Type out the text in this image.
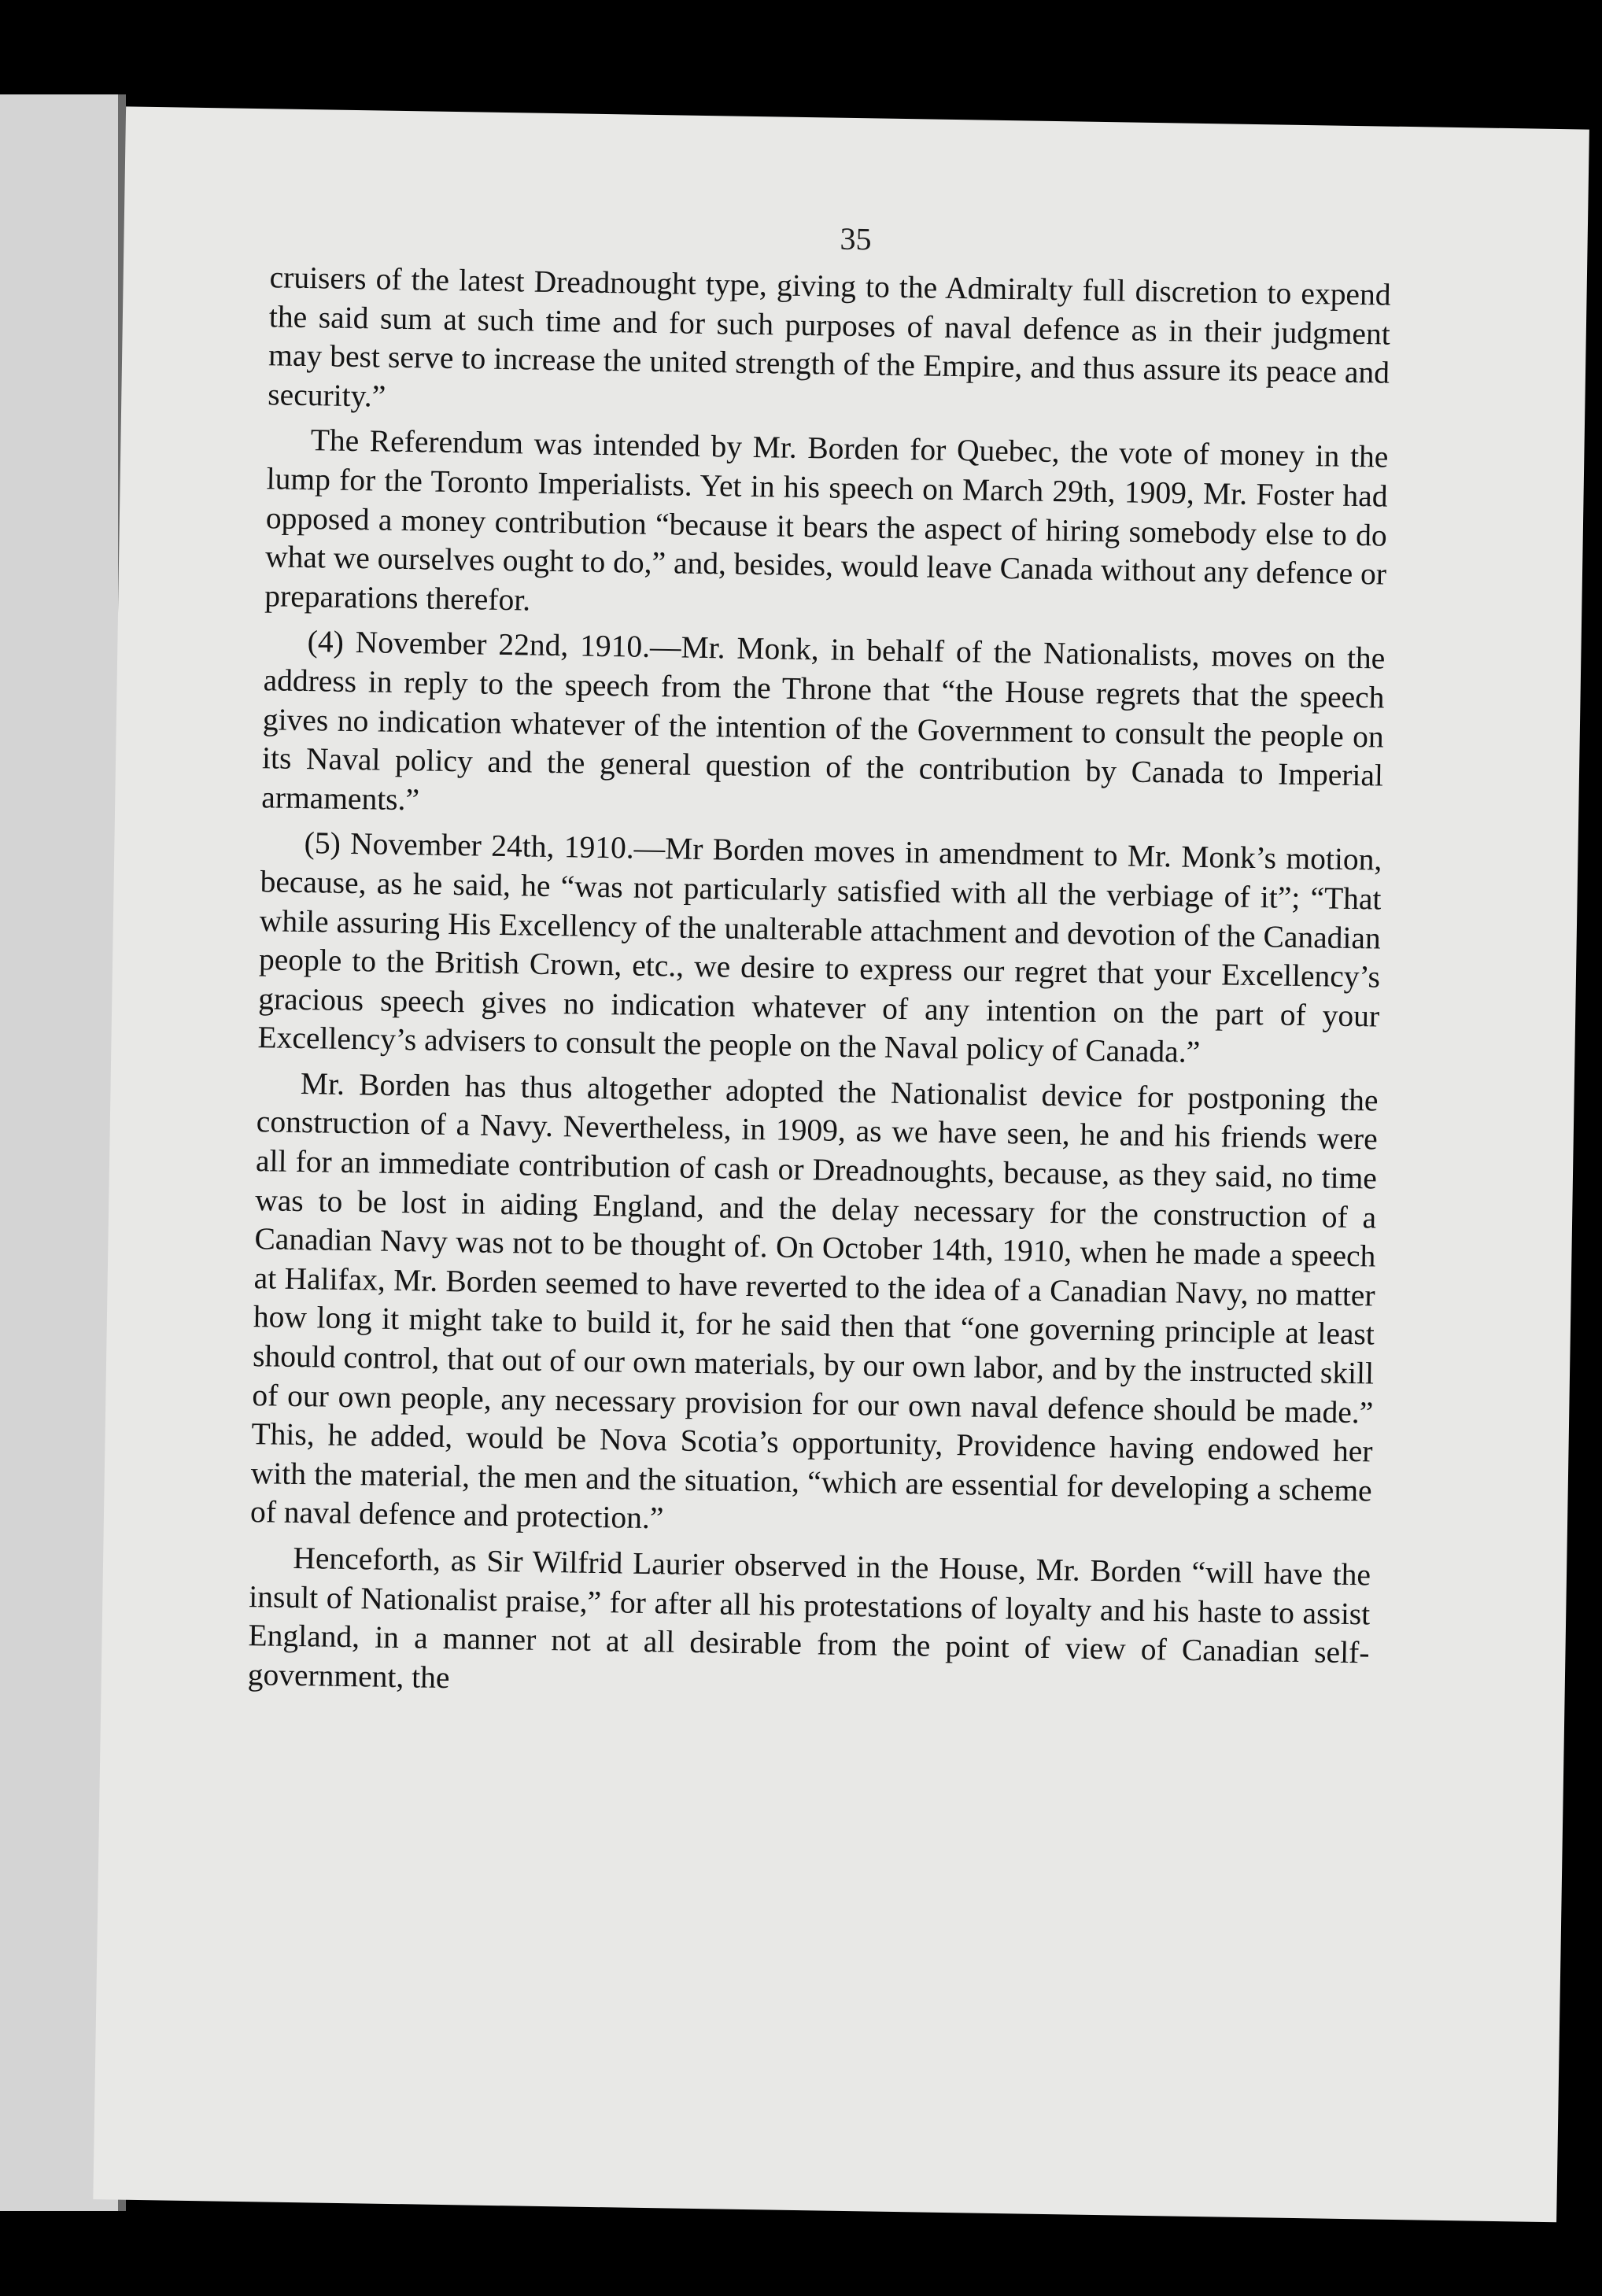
35

cruisers of the latest Dreadnought type, giving to the Admiralty full discretion to expend the said sum at such time and for such purposes of naval defence as in their judgment may best serve to increase the united strength of the Empire, and thus assure its peace and security.”

The Referendum was intended by Mr. Borden for Quebec, the vote of money in the lump for the Toronto Imperialists. Yet in his speech on March 29th, 1909, Mr. Foster had opposed a money contribution “because it bears the aspect of hiring somebody else to do what we ourselves ought to do,” and, besides, would leave Canada without any defence or preparations therefor.

(4) November 22nd, 1910.—Mr. Monk, in behalf of the Nationalists, moves on the address in reply to the speech from the Throne that “the House regrets that the speech gives no indication whatever of the intention of the Government to consult the people on its Naval policy and the general question of the contribution by Canada to Imperial armaments.”

(5) November 24th, 1910.—Mr Borden moves in amendment to Mr. Monk’s motion, because, as he said, he “was not particularly satisfied with all the verbiage of it”; “That while assuring His Excellency of the unalterable attachment and devotion of the Canadian people to the British Crown, etc., we desire to express our regret that your Excellency’s gracious speech gives no indication whatever of any intention on the part of your Excellency’s advisers to consult the people on the Naval policy of Canada.”

Mr. Borden has thus altogether adopted the Nationalist device for postponing the construction of a Navy. Nevertheless, in 1909, as we have seen, he and his friends were all for an immediate contribution of cash or Dreadnoughts, because, as they said, no time was to be lost in aiding England, and the delay necessary for the construction of a Canadian Navy was not to be thought of. On October 14th, 1910, when he made a speech at Halifax, Mr. Borden seemed to have reverted to the idea of a Canadian Navy, no matter how long it might take to build it, for he said then that “one governing principle at least should control, that out of our own materials, by our own labor, and by the instructed skill of our own people, any necessary provision for our own naval defence should be made.” This, he added, would be Nova Scotia’s opportunity, Providence having endowed her with the material, the men and the situation, “which are essential for developing a scheme of naval defence and protection.”

Henceforth, as Sir Wilfrid Laurier observed in the House, Mr. Borden “will have the insult of Nationalist praise,” for after all his protestations of loyalty and his haste to assist England, in a manner not at all desirable from the point of view of Canadian self-government, the
